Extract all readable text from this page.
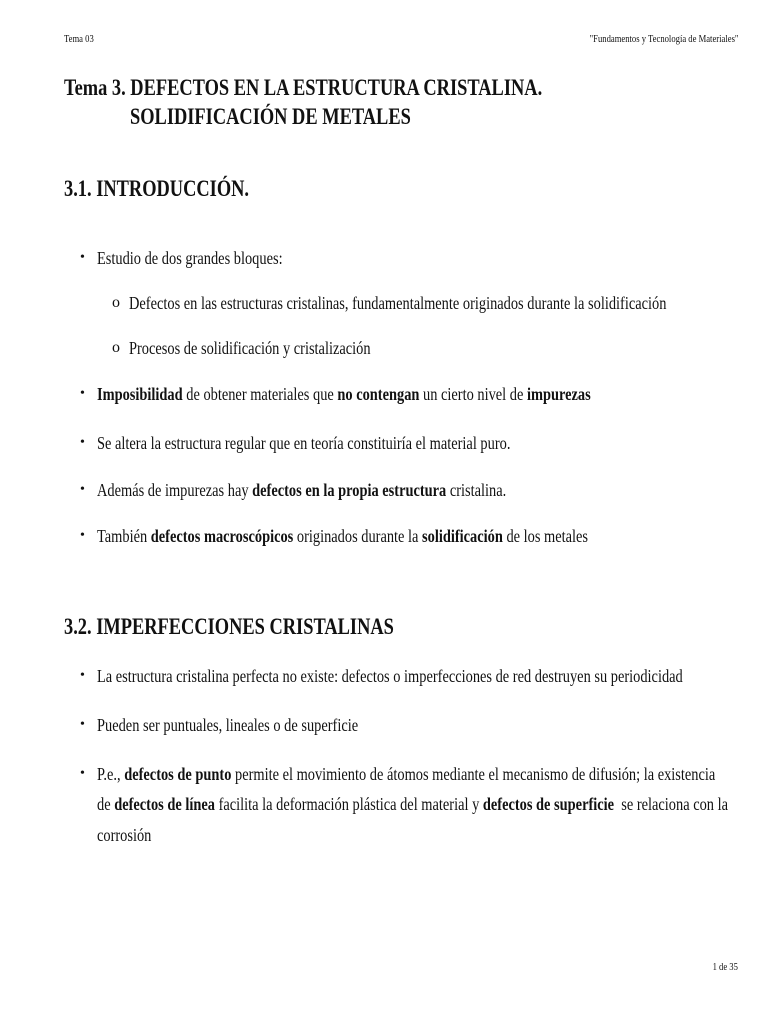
Tema 03	"Fundamentos y Tecnología de Materiales"
Tema 3. DEFECTOS EN LA ESTRUCTURA CRISTALINA.
SOLIDIFICACIÓN DE METALES
3.1. INTRODUCCIÓN.
• Estudio de dos grandes bloques:
o Defectos en las estructuras cristalinas, fundamentalmente originados durante la solidificación
o Procesos de solidificación y cristalización
• Imposibilidad de obtener materiales que no contengan un cierto nivel de impurezas
• Se altera la estructura regular que en teoría constituiría el material puro.
• Además de impurezas hay defectos en la propia estructura cristalina.
• También defectos macroscópicos originados durante la solidificación de los metales
3.2. IMPERFECCIONES CRISTALINAS
• La estructura cristalina perfecta no existe: defectos o imperfecciones de red destruyen su periodicidad
• Pueden ser puntuales, lineales o de superficie
• P.e., defectos de punto permite el movimiento de átomos mediante el mecanismo de difusión; la existencia
de defectos de línea facilita la deformación plástica del material y defectos de superficie  se relaciona con la
corrosión
1 de 35
